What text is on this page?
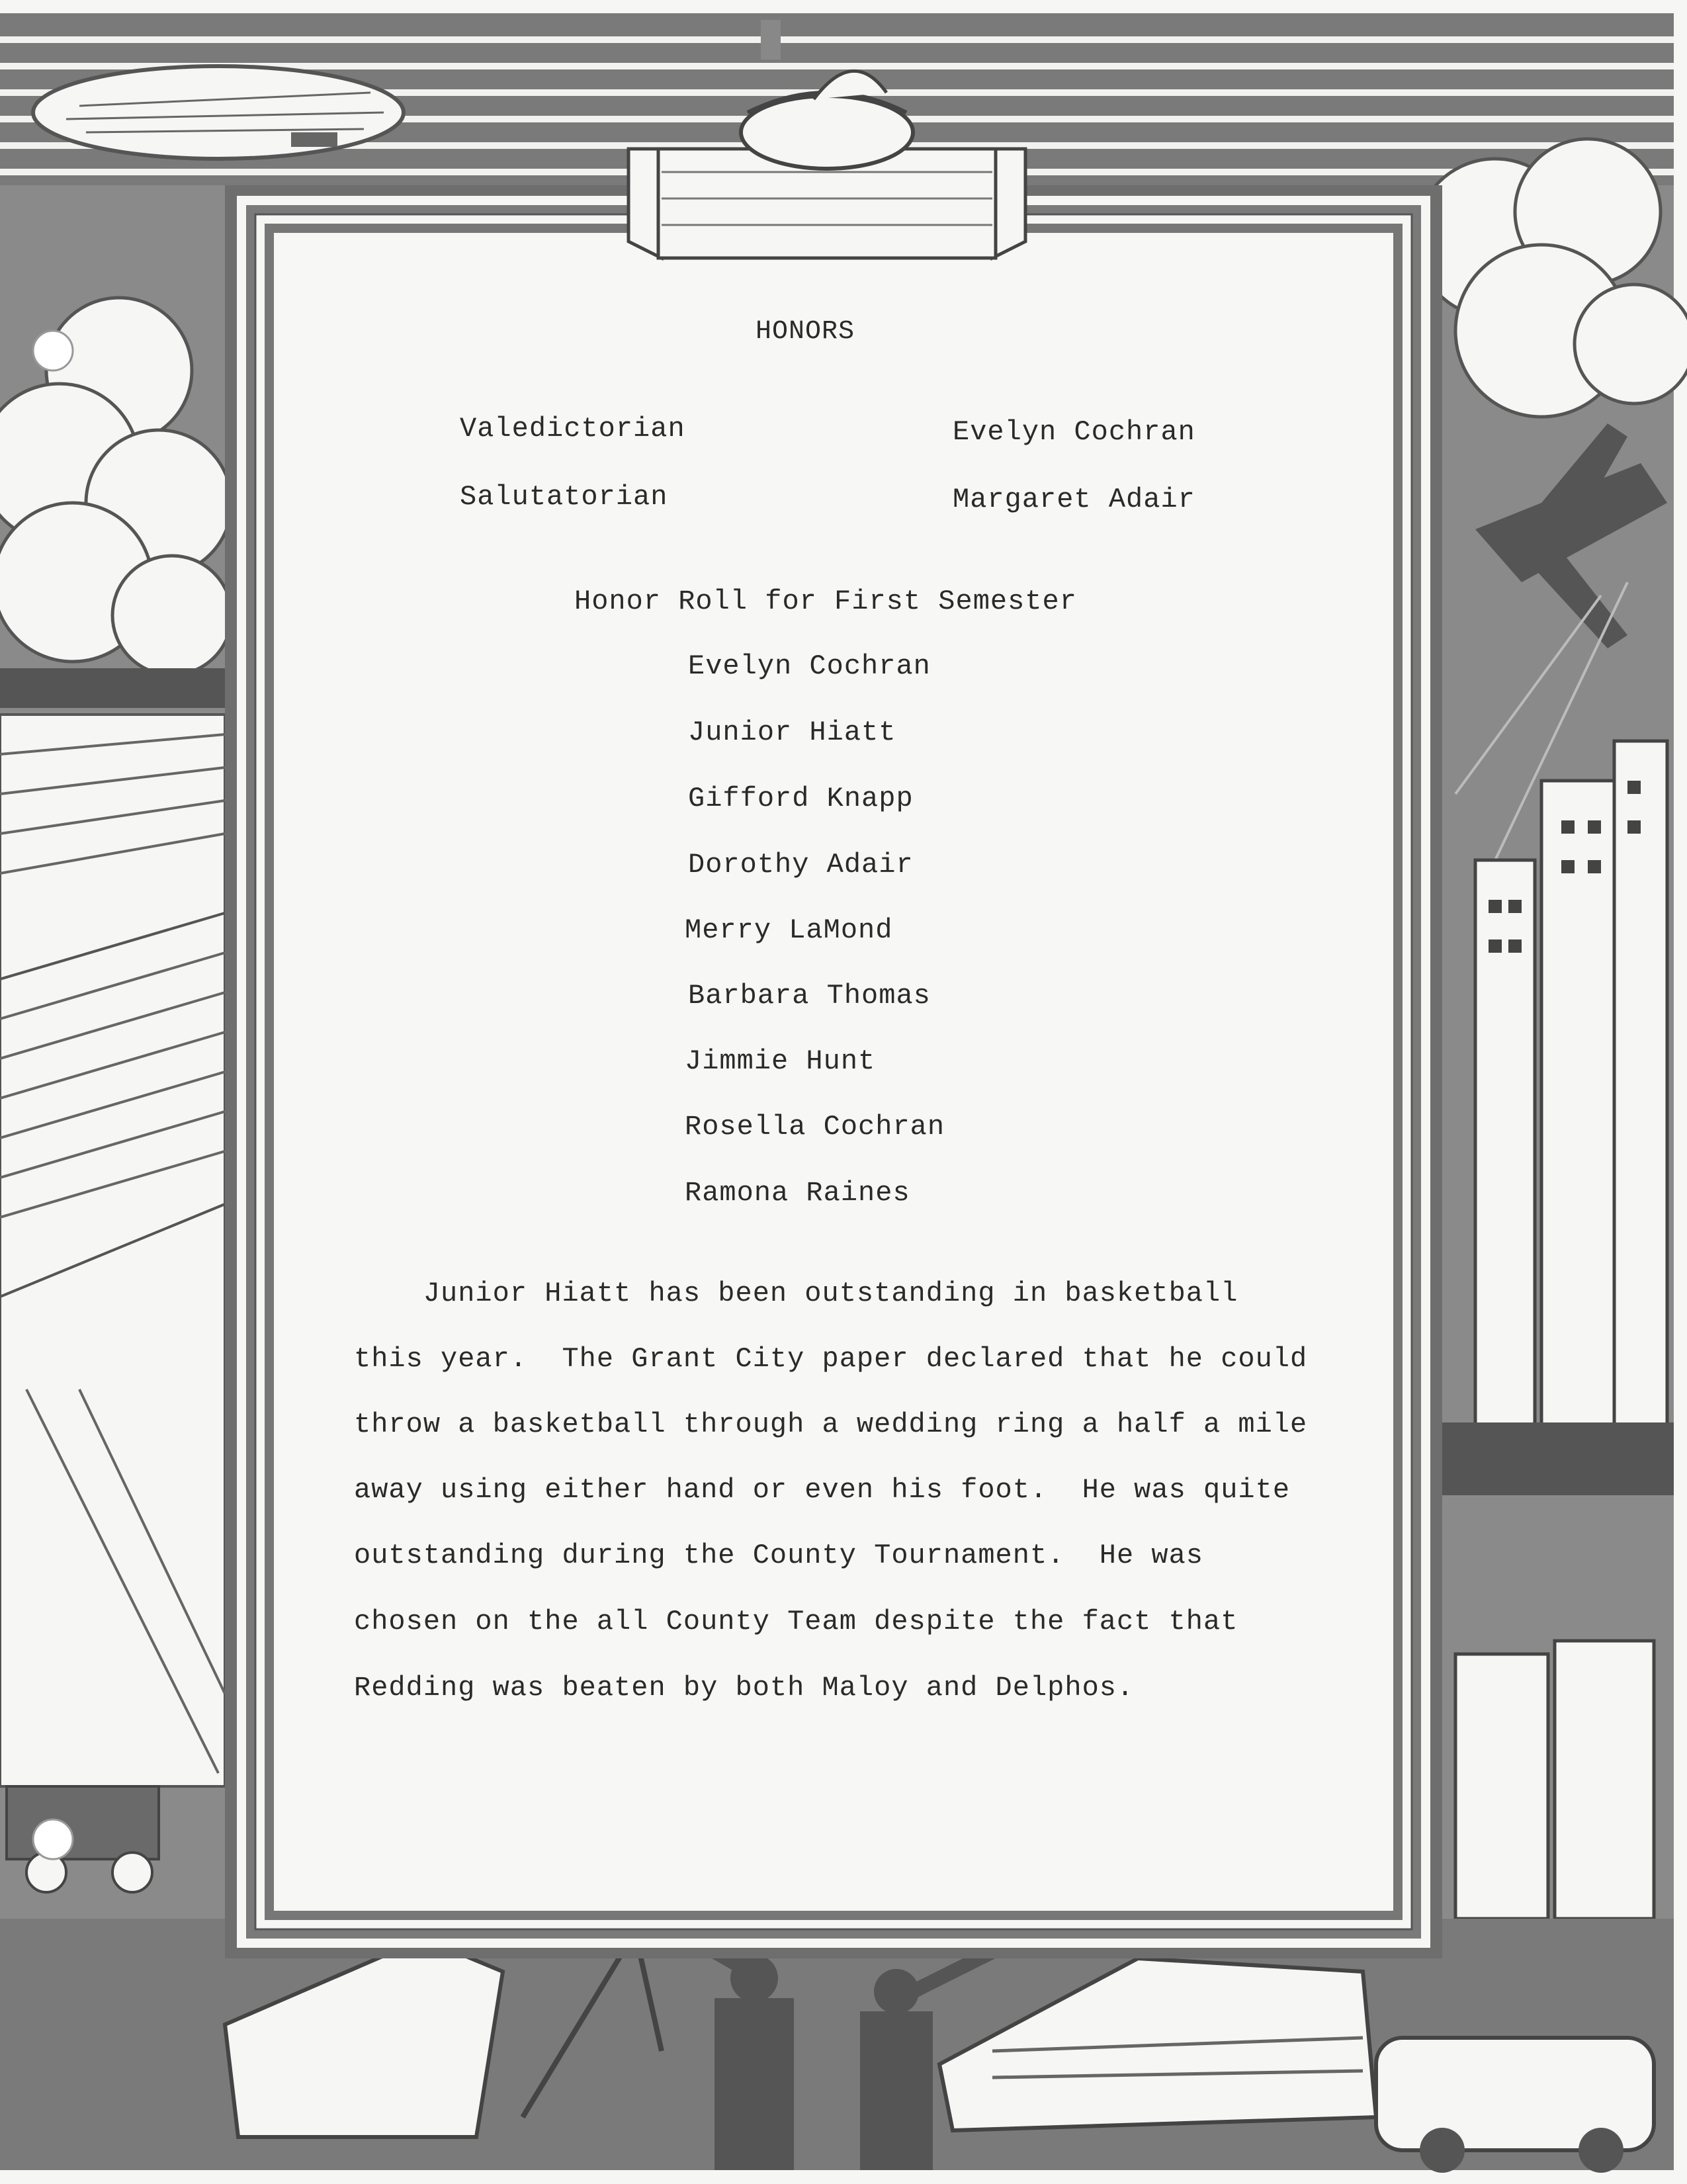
HONORS
Valedictorian	Evelyn Cochran
Salutatorian	Margaret Adair
Honor Roll for First Semester
Evelyn Cochran
Junior Hiatt
Gifford Knapp
Dorothy Adair
Merry LaMond
Barbara Thomas
Jimmie Hunt
Rosella Cochran
Ramona Raines
Junior Hiatt has been outstanding in basketball
this year.  The Grant City paper declared that he could
throw a basketball through a wedding ring a half a mile
away using either hand or even his foot.  He was quite
outstanding during the County Tournament.  He was
chosen on the all County Team despite the fact that
Redding was beaten by both Maloy and Delphos.
